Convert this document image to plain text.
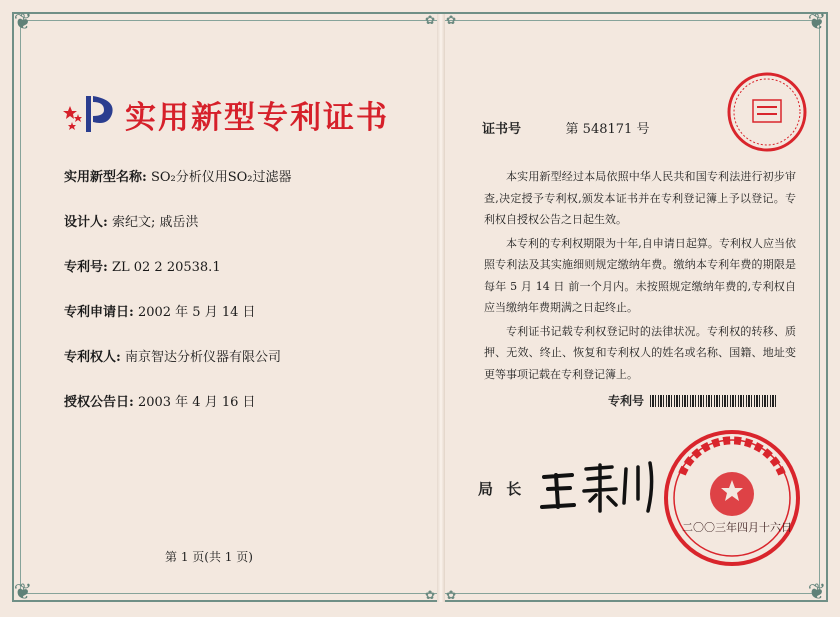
❦	❦
❦	❦
✿ ✿
✿ ✿
实用新型专利证书
实用新型名称: SO₂分析仪用SO₂过滤器
设计人: 索纪文; 戚岳洪
专利号: ZL 02 2 20538.1
专利申请日: 2002 年 5 月 14 日
专利权人: 南京智达分析仪器有限公司
授权公告日: 2003 年 4 月 16 日
第 1 页(共 1 页)
证书号	第 548171 号

本实用新型经过本局依照中华人民共和国专利法进行初步审查,决定授予专利权,颁发本证书并在专利登记簿上予以登记。专利权自授权公告之日起生效。

本专利的专利权期限为十年,自申请日起算。专利权人应当依照专利法及其实施细则规定缴纳年费。缴纳本专利年费的期限是每年 5 月 14 日 前一个月内。未按照规定缴纳年费的,专利权自应当缴纳年费期满之日起终止。

专利证书记载专利权登记时的法律状况。专利权的转移、质押、无效、终止、恢复和专利权人的姓名或名称、国籍、地址变更等事项记载在专利登记簿上。

专利号
局 长
二〇〇三年四月十六日
